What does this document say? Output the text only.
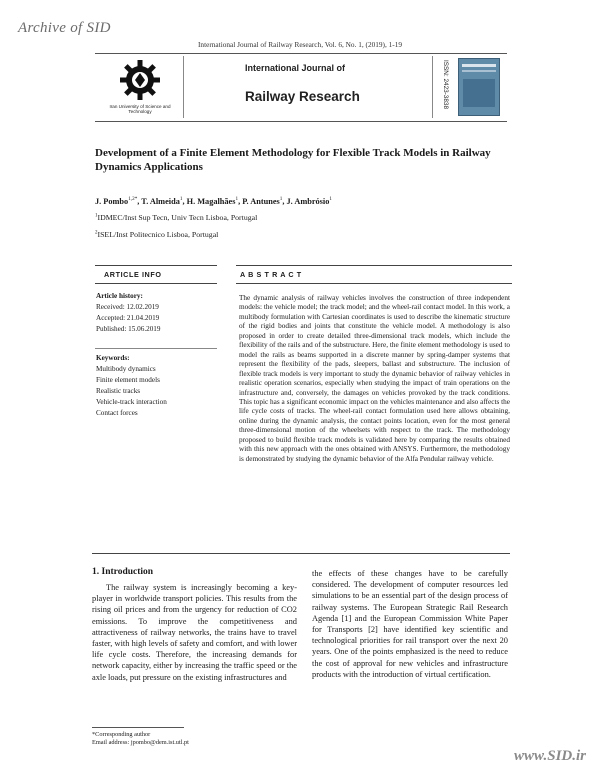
Archive of SID
International Journal of Railway Research, Vol. 6, No. 1, (2019), 1-19
Iran University of Science and Technology
International Journal of
Railway Research	ISSN: 2423-3838
Development of a Finite Element Methodology for Flexible Track Models in Railway Dynamics Applications
J. Pombo$^{1,2*}$, T. Almeida$^1$, H. Magalhães$^1$, P. Antunes$^1$, J. Ambrósio$^1$
$^1$IDMEC/Inst Sup Tecn, Univ Tecn Lisboa, Portugal
$^2$ISEL/Inst Politecnico Lisboa, Portugal
ARTICLE INFO	A B S T R A C T
Article history:
Received: 12.02.2019
Accepted: 21.04.2019
Published: 15.06.2019
Keywords:
Multibody dynamics
Finite element models
Realistic tracks
Vehicle-track interaction
Contact forces
The dynamic analysis of railway vehicles involves the construction of three independent models: the vehicle model; the track model; and the wheel-rail contact model. In this work, a multibody formulation with Cartesian coordinates is used to describe the kinematic structure of the rigid bodies and joints that constitute the vehicle model. A methodology is also proposed in order to create detailed three-dimensional track models, which include the flexibility of the rails and of the substructure. Here, the finite element methodology is used to model the rails as beams supported in a discrete manner by spring-damper systems that represent the flexibility of the pads, sleepers, ballast and substructure. The inclusion of flexible track models is very important to study the dynamic behavior of railway vehicles in realistic operation scenarios, especially when studying the impact of train operations on the infrastructure and, conversely, the damages on vehicles provoked by the track conditions. This topic has a significant economic impact on the vehicles maintenance and also affects the life cycle costs of tracks. The wheel-rail contact formulation used here allows obtaining, online during the dynamic analysis, the contact points location, even for the most general three-dimensional motion of the wheelsets with respect to the track. The methodology proposed to build flexible track models is validated here by comparing the results obtained with this new approach with the ones obtained with ANSYS. Furthermore, the methodology is demonstrated by studying the dynamic behavior of the Alfa Pendular railway vehicle.
1. Introduction
The railway system is increasingly becoming a key-player in worldwide transport policies. This results from the rising oil prices and from the urgency for reduction of CO2 emissions. To improve the competitiveness and attractiveness of railway networks, the trains have to travel faster, with high levels of safety and comfort, and with lower life cycle costs. Therefore, the increasing demands for network capacity, either by increasing the traffic speed or the axle loads, put pressure on the existing infrastructures and
the effects of these changes have to be carefully considered. The development of computer resources led simulations to be an essential part of the design process of railway systems. The European Strategic Rail Research Agenda [1] and the European Commission White Paper for Transports [2] have identified key scientific and technological priorities for rail transport over the next 20 years. One of the points emphasized is the need to reduce the cost of approval for new vehicles and infrastructure products with the introduction of virtual certification.
*Corresponding author
Email address: jpombo@dem.ist.utl.pt
www.SID.ir
